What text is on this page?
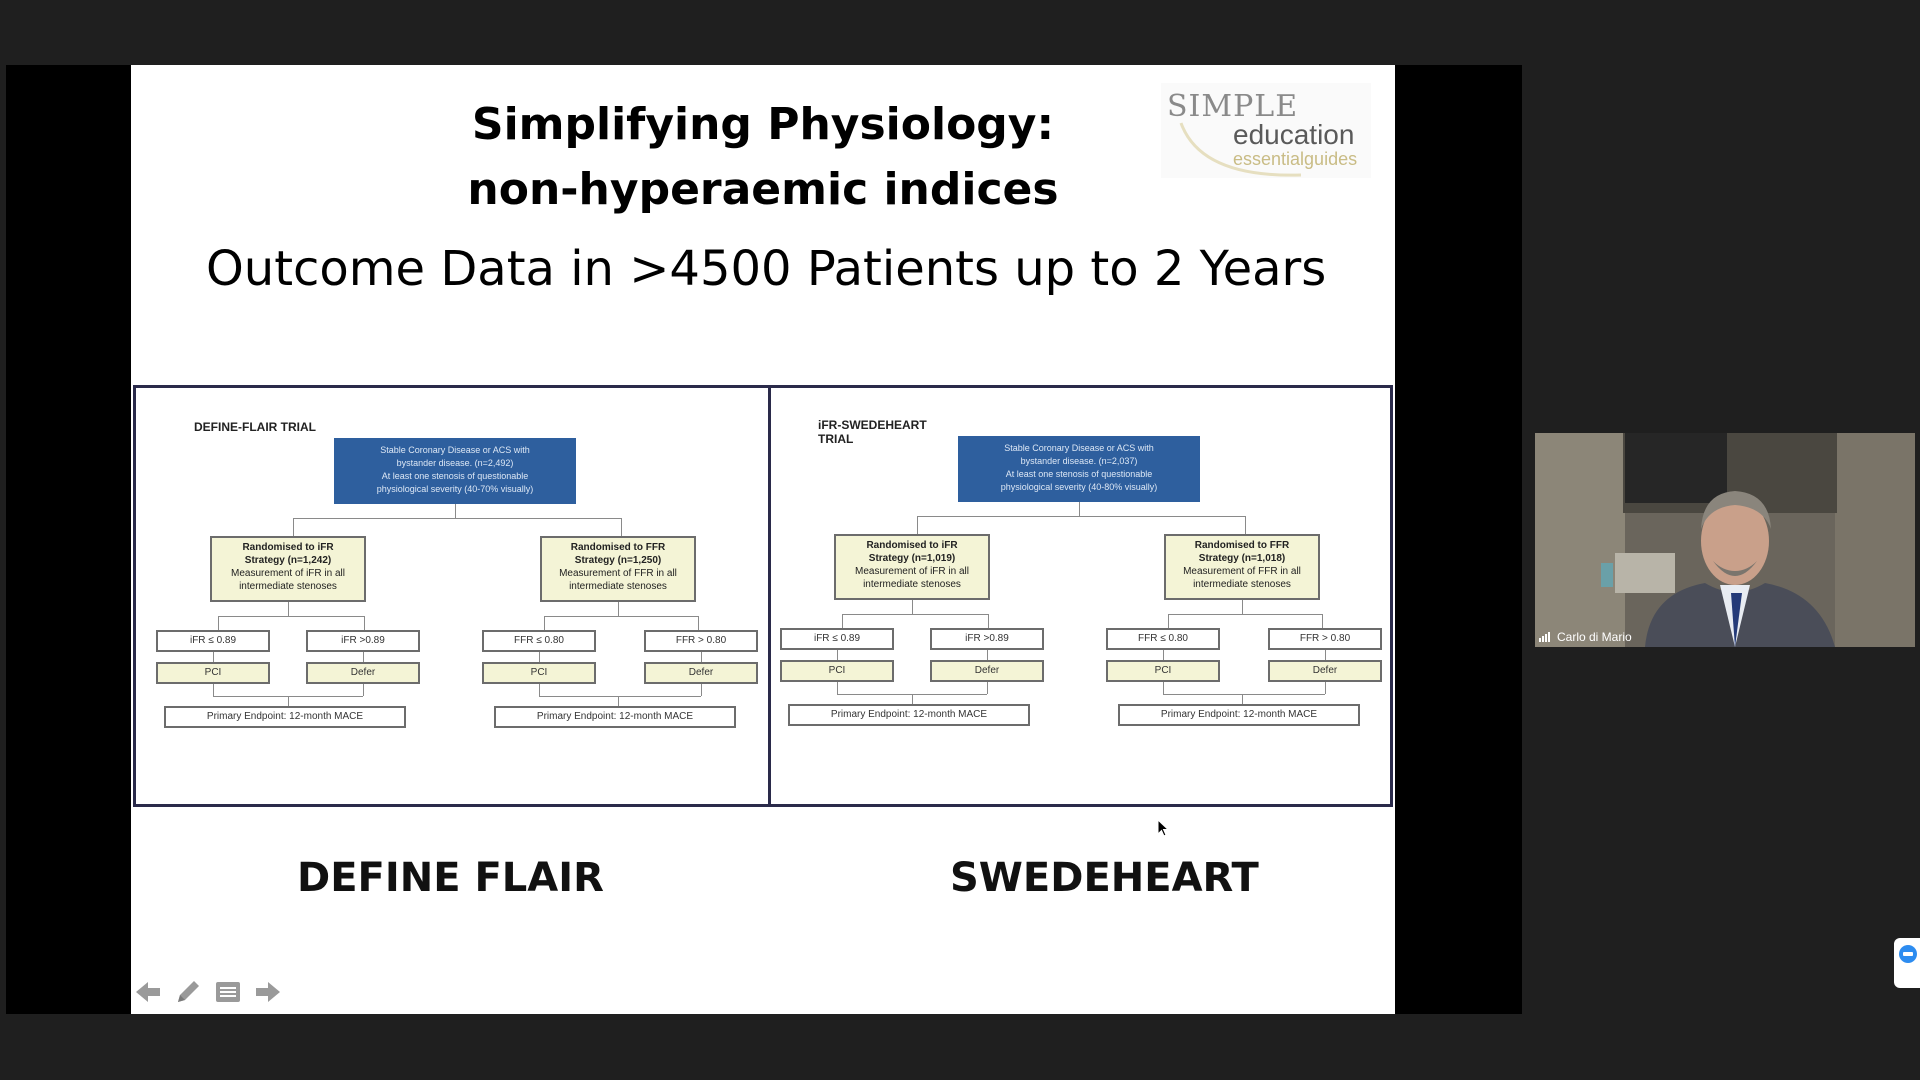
Simplifying Physiology:
non-hyperaemic indices
Outcome Data in >4500 Patients up to 2 Years
SIMPLE
education
essentialguides
DEFINE-FLAIR TRIAL
Stable Coronary Disease or ACS with
bystander disease. (n=2,492)
At least one stenosis of questionable
physiological severity (40-70% visually)
Randomised to iFR
Strategy (n=1,242)
Measurement of iFR in all
intermediate stenoses
Randomised to FFR
Strategy (n=1,250)
Measurement of FFR in all
intermediate stenoses
iFR ≤ 0.89	iFR >0.89	FFR ≤ 0.80	FFR > 0.80
PCI	Defer	PCI	Defer
Primary Endpoint: 12-month MACE	Primary Endpoint: 12-month MACE
iFR-SWEDEHEART
TRIAL
Stable Coronary Disease or ACS with
bystander disease. (n=2,037)
At least one stenosis of questionable
physiological severity (40-80% visually)
Randomised to iFR
Strategy (n=1,019)
Measurement of iFR in all
intermediate stenoses
Randomised to FFR
Strategy (n=1,018)
Measurement of FFR in all
intermediate stenoses
iFR ≤ 0.89	iFR >0.89	FFR ≤ 0.80	FFR > 0.80
PCI	Defer	PCI	Defer
Primary Endpoint: 12-month MACE	Primary Endpoint: 12-month MACE
DEFINE FLAIR	SWEDEHEART
Carlo di Mario
